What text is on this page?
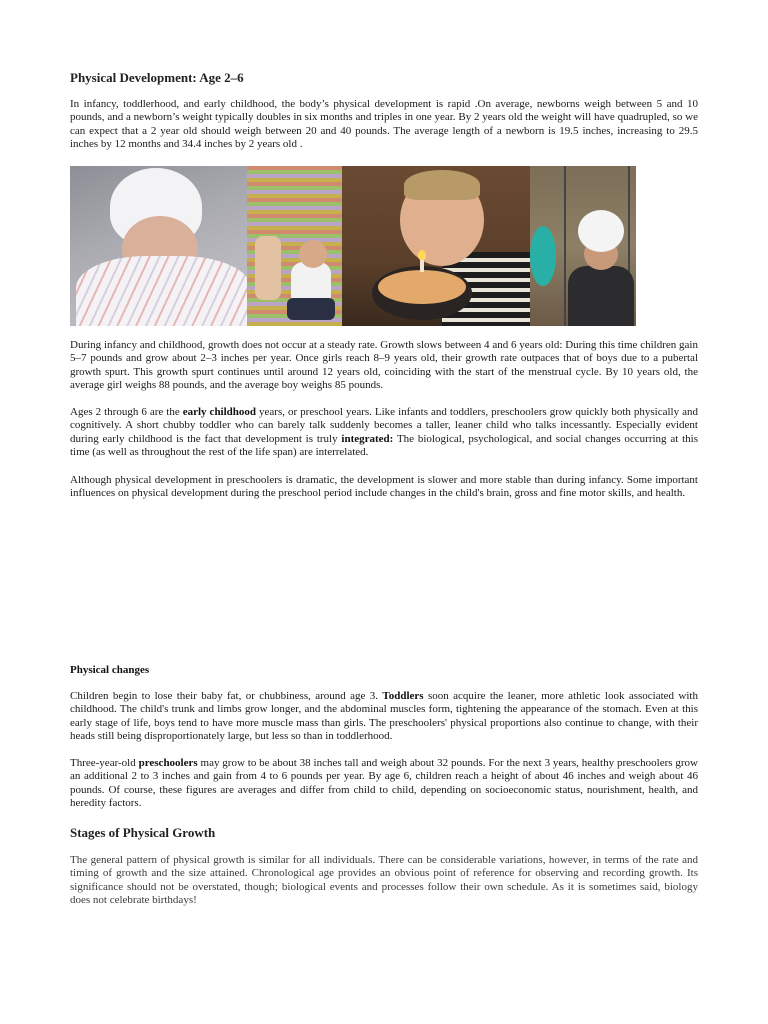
Physical Development: Age 2–6

In infancy, toddlerhood, and early childhood, the body’s physical development is rapid .On average, newborns weigh between 5 and 10 pounds, and a newborn’s weight typically doubles in six months and triples in one year. By 2 years old the weight will have quadrupled, so we can expect that a 2 year old should weigh between 20 and 40 pounds. The average length of a newborn is 19.5 inches, increasing to 29.5 inches by 12 months and 34.4 inches by 2 years old .

During infancy and childhood, growth does not occur at a steady rate. Growth slows between 4 and 6 years old: During this time children gain 5–7 pounds and grow about 2–3 inches per year. Once girls reach 8–9 years old, their growth rate outpaces that of boys due to a pubertal growth spurt. This growth spurt continues until around 12 years old, coinciding with the start of the menstrual cycle. By 10 years old, the average girl weighs 88 pounds, and the average boy weighs 85 pounds.

Ages 2 through 6 are the early childhood years, or preschool years. Like infants and toddlers, preschoolers grow quickly both physically and cognitively. A short chubby toddler who can barely talk suddenly becomes a taller, leaner child who talks incessantly. Especially evident during early childhood is the fact that development is truly integrated: The biological, psychological, and social changes occurring at this time (as well as throughout the rest of the life span) are interrelated.

Although physical development in preschoolers is dramatic, the development is slower and more stable than during infancy. Some important influences on physical development during the preschool period include changes in the child's brain, gross and fine motor skills, and health.

Physical changes

Children begin to lose their baby fat, or chubbiness, around age 3. Toddlers soon acquire the leaner, more athletic look associated with childhood. The child's trunk and limbs grow longer, and the abdominal muscles form, tightening the appearance of the stomach. Even at this early stage of life, boys tend to have more muscle mass than girls. The preschoolers' physical proportions also continue to change, with their heads still being disproportionately large, but less so than in toddlerhood.

Three-year-old preschoolers may grow to be about 38 inches tall and weigh about 32 pounds. For the next 3 years, healthy preschoolers grow an additional 2 to 3 inches and gain from 4 to 6 pounds per year. By age 6, children reach a height of about 46 inches and weigh about 46 pounds. Of course, these figures are averages and differ from child to child, depending on socioeconomic status, nourishment, health, and heredity factors.

Stages of Physical Growth

The general pattern of physical growth is similar for all individuals. There can be considerable variations, however, in terms of the rate and timing of growth and the size attained. Chronological age provides an obvious point of reference for observing and recording growth. Its significance should not be overstated, though; biological events and processes follow their own schedule. As it is sometimes said, biology does not celebrate birthdays!
